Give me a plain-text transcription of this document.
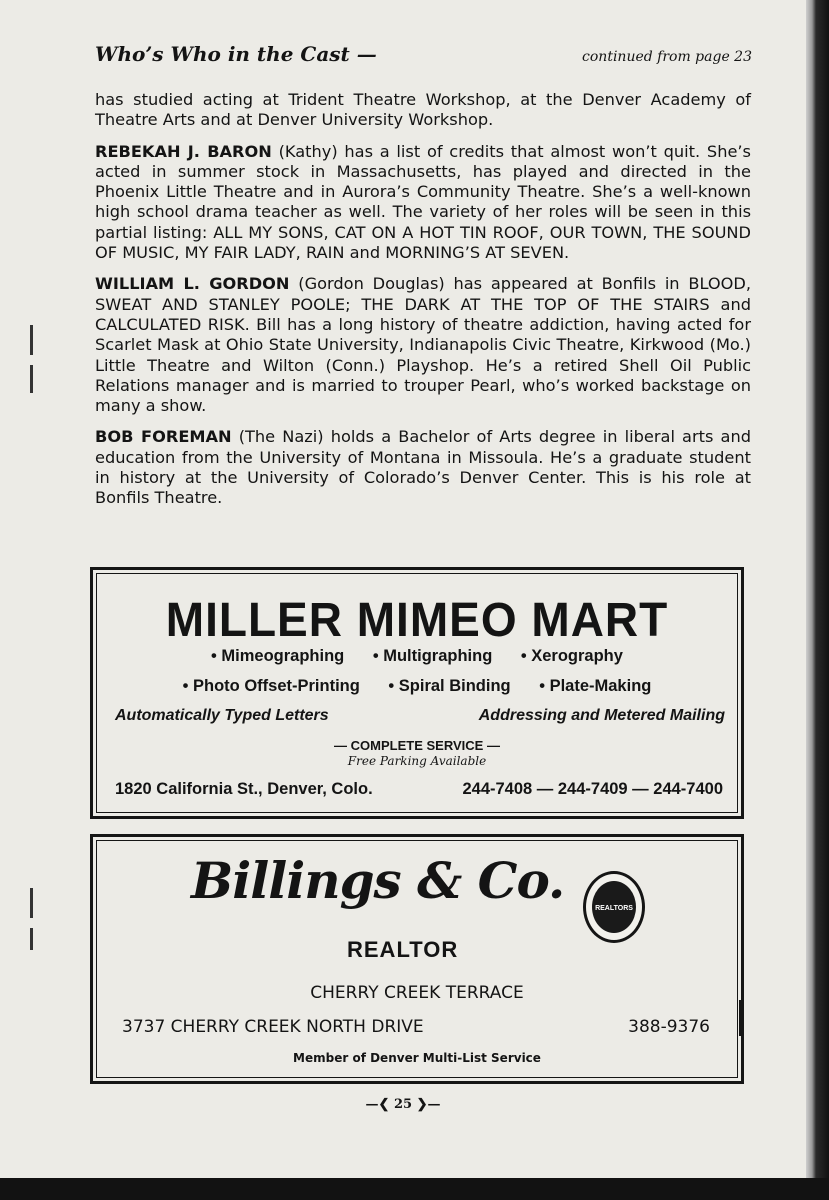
Who’s Who in the Cast —	continued from page 23

has studied acting at Trident Theatre Workshop, at the Denver Academy of Theatre Arts and at Denver University Workshop.

REBEKAH J. BARON (Kathy) has a list of credits that almost won’t quit. She’s acted in summer stock in Massachusetts, has played and directed in the Phoenix Little Theatre and in Aurora’s Community Theatre. She’s a well-known high school drama teacher as well. The variety of her roles will be seen in this partial listing: ALL MY SONS, CAT ON A HOT TIN ROOF, OUR TOWN, THE SOUND OF MUSIC, MY FAIR LADY, RAIN and MORNING’S AT SEVEN.

WILLIAM L. GORDON (Gordon Douglas) has appeared at Bonfils in BLOOD, SWEAT AND STANLEY POOLE; THE DARK AT THE TOP OF THE STAIRS and CALCULATED RISK. Bill has a long history of theatre addiction, having acted for Scarlet Mask at Ohio State University, Indianapolis Civic Theatre, Kirkwood (Mo.) Little Theatre and Wilton (Conn.) Playshop. He’s a retired Shell Oil Public Relations manager and is married to trouper Pearl, who’s worked backstage on many a show.

BOB FOREMAN (The Nazi) holds a Bachelor of Arts degree in liberal arts and education from the University of Montana in Missoula. He’s a graduate student in history at the University of Colorado’s Denver Center. This is his role at Bonfils Theatre.

MILLER MIMEO MART
• Mimeographing • Multigraphing • Xerography
• Photo Offset-Printing • Spiral Binding • Plate-Making
Automatically Typed Letters	Addressing and Metered Mailing
— COMPLETE SERVICE —
Free Parking Available
1820 California St., Denver, Colo.	244-7408 — 244-7409 — 244-7400
Billings & Co.
REALTOR
REALTORS
CHERRY CREEK TERRACE
3737 CHERRY CREEK NORTH DRIVE	388-9376
Member of Denver Multi-List Service
—❮ 25 ❯—
